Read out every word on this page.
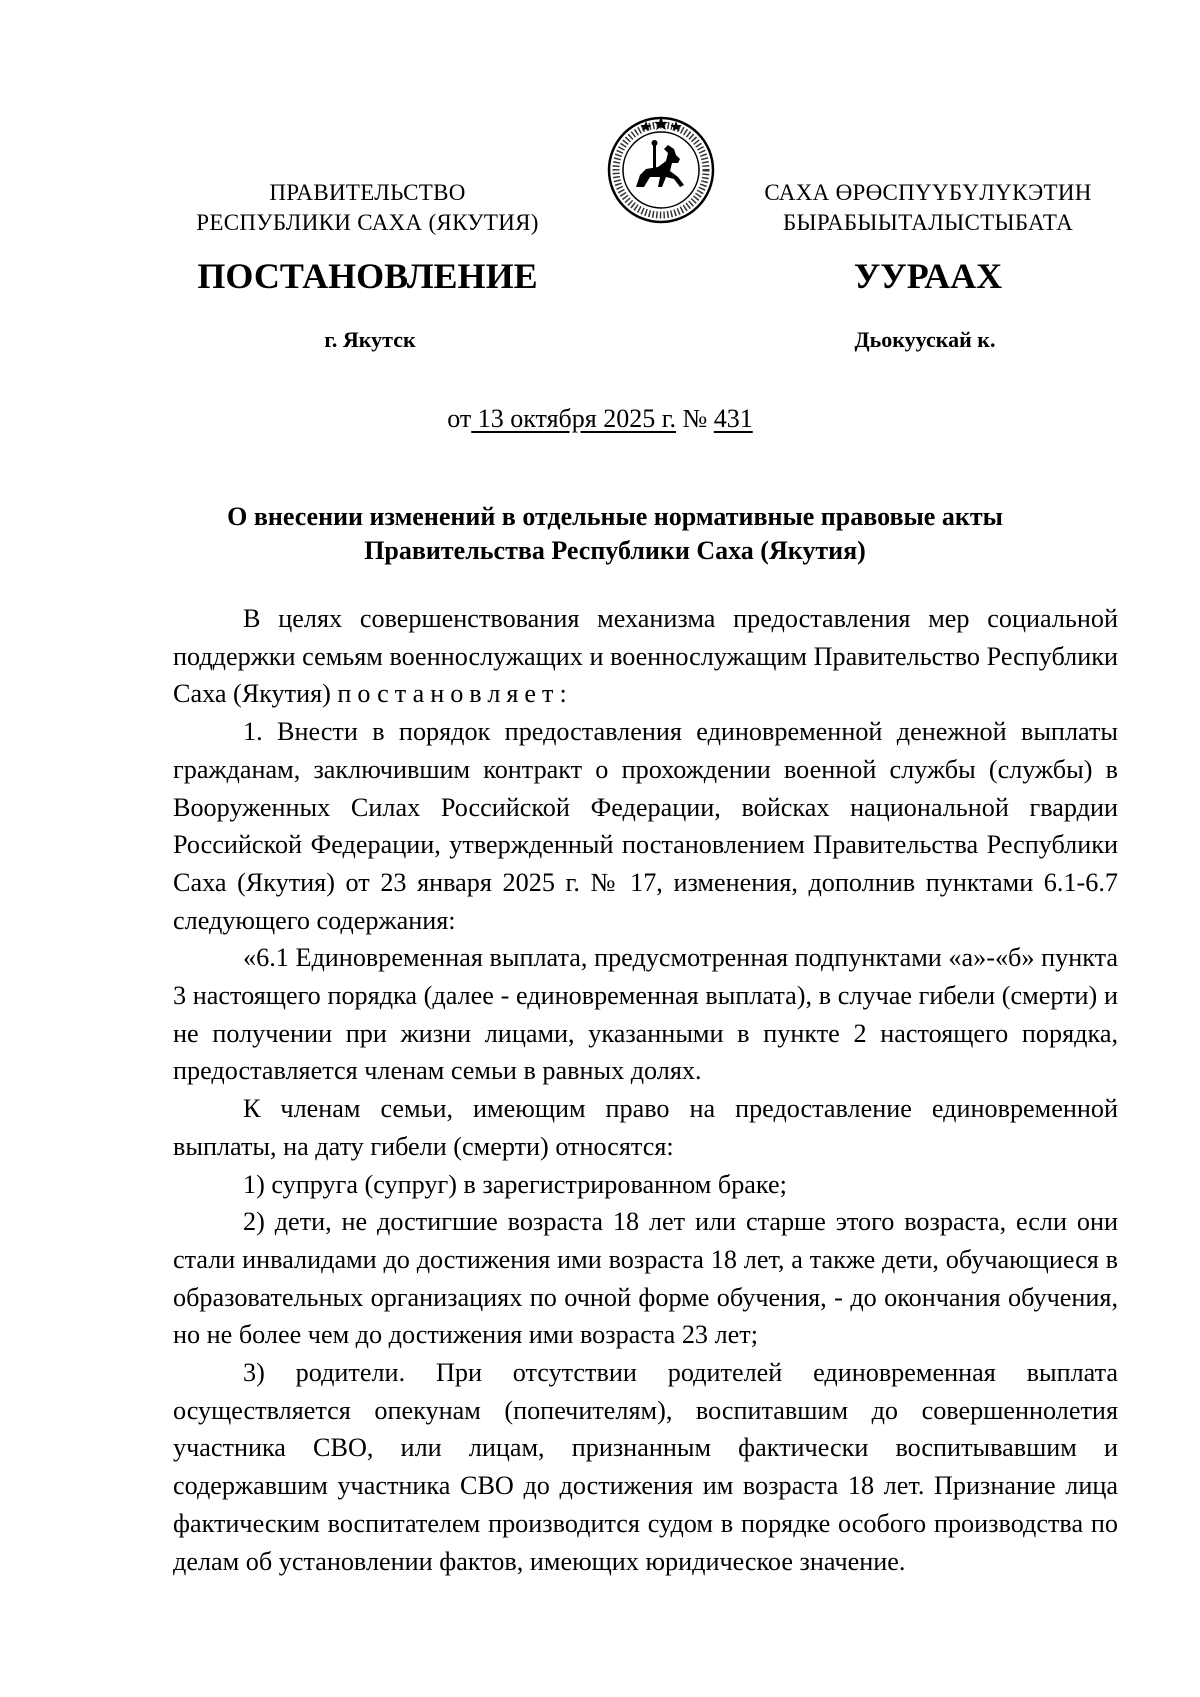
ПРАВИТЕЛЬСТВО
РЕСПУБЛИКИ САХА (ЯКУТИЯ)
САХА ӨРӨСПҮҮБҮЛҮКЭТИН
БЫРАБЫЫТАЛЫСТЫБАТА
ПОСТАНОВЛЕНИЕ	УУРААХ
г. Якутск	Дьокуускай к.
от 13 октября 2025 г. № 431
О внесении изменений в отдельные нормативные правовые акты
Правительства Республики Саха (Якутия)

В целях совершенствования механизма предоставления мер социальной поддержки семьям военнослужащих и военнослужащим Правительство Республики Саха (Якутия) постановляет:

1. Внести в порядок предоставления единовременной денежной выплаты гражданам, заключившим контракт о прохождении военной службы (службы) в Вооруженных Силах Российской Федерации, войсках национальной гвардии Российской Федерации, утвержденный постановлением Правительства Республики Саха (Якутия) от 23 января 2025 г. № 17, изменения, дополнив пунктами 6.1-6.7 следующего содержания:

«6.1 Единовременная выплата, предусмотренная подпунктами «а»-«б» пункта 3 настоящего порядка (далее - единовременная выплата), в случае гибели (смерти) и не получении при жизни лицами, указанными в пункте 2 настоящего порядка, предоставляется членам семьи в равных долях.

К членам семьи, имеющим право на предоставление единовременной выплаты, на дату гибели (смерти) относятся:

1) супруга (супруг) в зарегистрированном браке;

2) дети, не достигшие возраста 18 лет или старше этого возраста, если они стали инвалидами до достижения ими возраста 18 лет, а также дети, обучающиеся в образовательных организациях по очной форме обучения, - до окончания обучения, но не более чем до достижения ими возраста 23 лет;

3) родители. При отсутствии родителей единовременная выплата осуществляется опекунам (попечителям), воспитавшим до совершеннолетия участника СВО, или лицам, признанным фактически воспитывавшим и содержавшим участника СВО до достижения им возраста 18 лет. Признание лица фактическим воспитателем производится судом в порядке особого производства по делам об установлении фактов, имеющих юридическое значение.
